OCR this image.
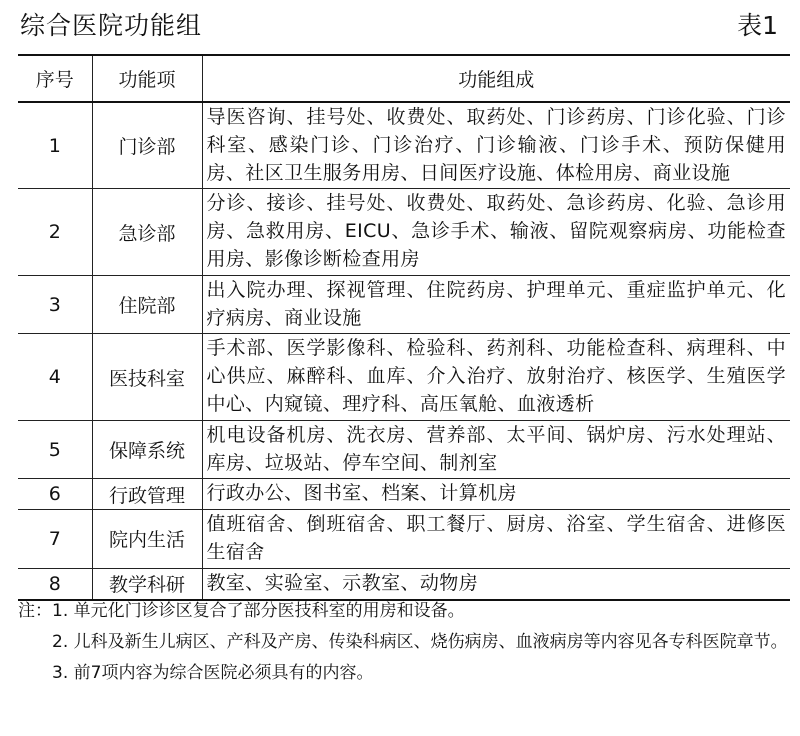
综合医院功能组	表1
序号	功能项	功能组成
1	门诊部	导医咨询、挂号处、收费处、取药处、门诊药房、门诊化验、门诊科室、感染门诊、门诊治疗、门诊输液、门诊手术、预防保健用房、社区卫生服务用房、日间医疗设施、体检用房、商业设施
2	急诊部	分诊、接诊、挂号处、收费处、取药处、急诊药房、化验、急诊用房、急救用房、EICU、急诊手术、输液、留院观察病房、功能检查用房、影像诊断检查用房
3	住院部	出入院办理、探视管理、住院药房、护理单元、重症监护单元、化疗病房、商业设施
4	医技科室	手术部、医学影像科、检验科、药剂科、功能检查科、病理科、中心供应、麻醉科、血库、介入治疗、放射治疗、核医学、生殖医学中心、内窥镜、理疗科、高压氧舱、血液透析
5	保障系统	机电设备机房、洗衣房、营养部、太平间、锅炉房、污水处理站、库房、垃圾站、停车空间、制剂室
6	行政管理	行政办公、图书室、档案、计算机房
7	院内生活	值班宿舍、倒班宿舍、职工餐厅、厨房、浴室、学生宿舍、进修医生宿舍
8	教学科研	教室、实验室、示教室、动物房

注：1. 单元化门诊诊区复合了部分医技科室的用房和设备。

2. 儿科及新生儿病区、产科及产房、传染科病区、烧伤病房、血液病房等内容见各专科医院章节。

3. 前7项内容为综合医院必须具有的内容。
